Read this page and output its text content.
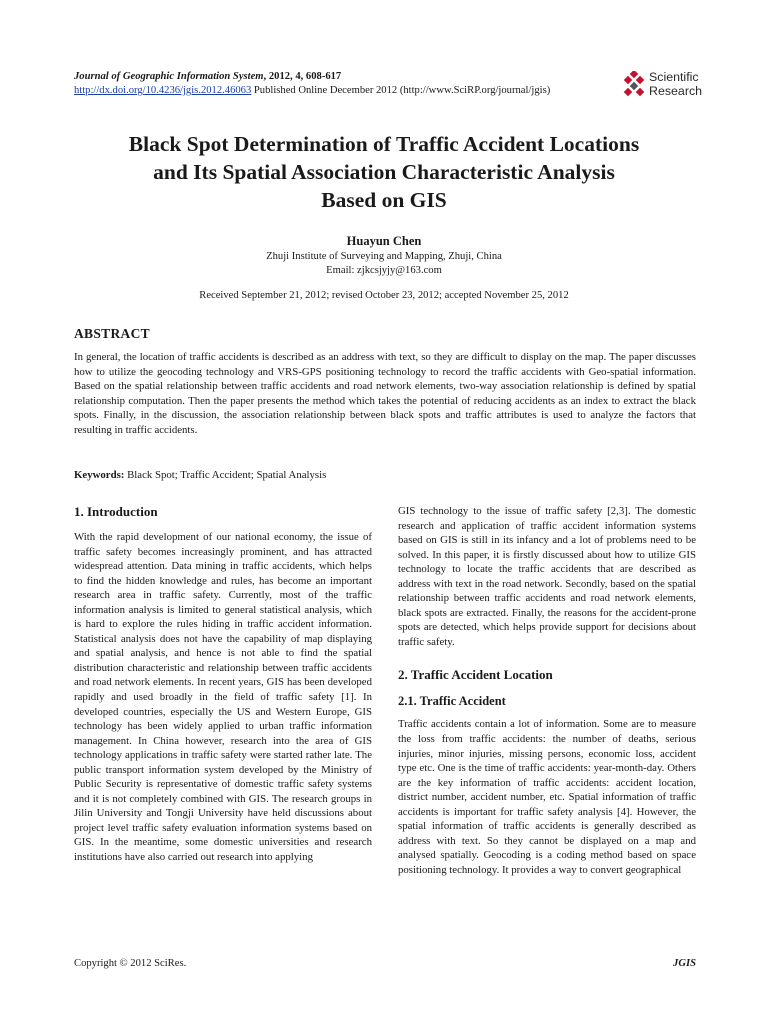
Journal of Geographic Information System, 2012, 4, 608-617
http://dx.doi.org/10.4236/jgis.2012.46063 Published Online December 2012 (http://www.SciRP.org/journal/jgis)
Scientific
Research
Black Spot Determination of Traffic Accident Locations
and Its Spatial Association Characteristic Analysis
Based on GIS
Huayun Chen
Zhuji Institute of Surveying and Mapping, Zhuji, China
Email: zjkcsjyjy@163.com
Received September 21, 2012; revised October 23, 2012; accepted November 25, 2012
ABSTRACT
In general, the location of traffic accidents is described as an address with text, so they are difficult to display on the map. The paper discusses how to utilize the geocoding technology and VRS-GPS positioning technology to record the traffic accidents with Geo-spatial information. Based on the spatial relationship between traffic accidents and road network elements, two-way association relationship is defined by spatial relationship computation. Then the paper presents the method which takes the potential of reducing accidents as an index to extract the black spots. Finally, in the discussion, the association relationship between black spots and traffic attributes is used to analyze the factors that resulting in traffic accidents.
Keywords: Black Spot; Traffic Accident; Spatial Analysis
1. Introduction

With the rapid development of our national economy, the issue of traffic safety becomes increasingly prominent, and has attracted widespread attention. Data mining in traffic accidents, which helps to find the hidden knowledge and rules, has become an important research area in traffic safety. Currently, most of the traffic information analysis is limited to general statistical analysis, which is hard to explore the rules hiding in traffic accident information. Statistical analysis does not have the capability of map displaying and spatial analysis, and hence is not able to find the spatial distribution characteristic and relationship between traffic accidents and road network elements. In recent years, GIS has been developed rapidly and used broadly in the field of traffic safety [1]. In developed countries, especially the US and Western Europe, GIS technology has been widely applied to urban traffic information management. In China however, research into the area of GIS technology applications in traffic safety were started rather late. The public transport information system developed by the Ministry of Public Security is representative of domestic traffic safety systems and it is not completely combined with GIS. The research groups in Jilin University and Tongji University have held discussions about project level traffic safety evaluation information systems based on GIS. In the meantime, some domestic universities and research institutions have also carried out research into applying

GIS technology to the issue of traffic safety [2,3]. The domestic research and application of traffic accident information systems based on GIS is still in its infancy and a lot of problems need to be solved. In this paper, it is firstly discussed about how to utilize GIS technology to locate the traffic accidents that are described as address with text in the road network. Secondly, based on the spatial relationship between traffic accidents and road network elements, black spots are extracted. Finally, the reasons for the accident-prone spots are detected, which helps provide support for decisions about traffic safety.

2. Traffic Accident Location
2.1. Traffic Accident

Traffic accidents contain a lot of information. Some are to measure the loss from traffic accidents: the number of deaths, serious injuries, minor injuries, missing persons, economic loss, accident type etc. One is the time of traffic accidents: year-month-day. Others are the key information of traffic accidents: accident location, district number, accident number, etc. Spatial information of traffic accidents is important for traffic safety analysis [4]. However, the spatial information of traffic accidents is generally described as address with text. So they cannot be displayed on a map and analysed spatially. Geocoding is a coding method based on space positioning technology. It provides a way to convert geographical

Copyright © 2012 SciRes.	JGIS
